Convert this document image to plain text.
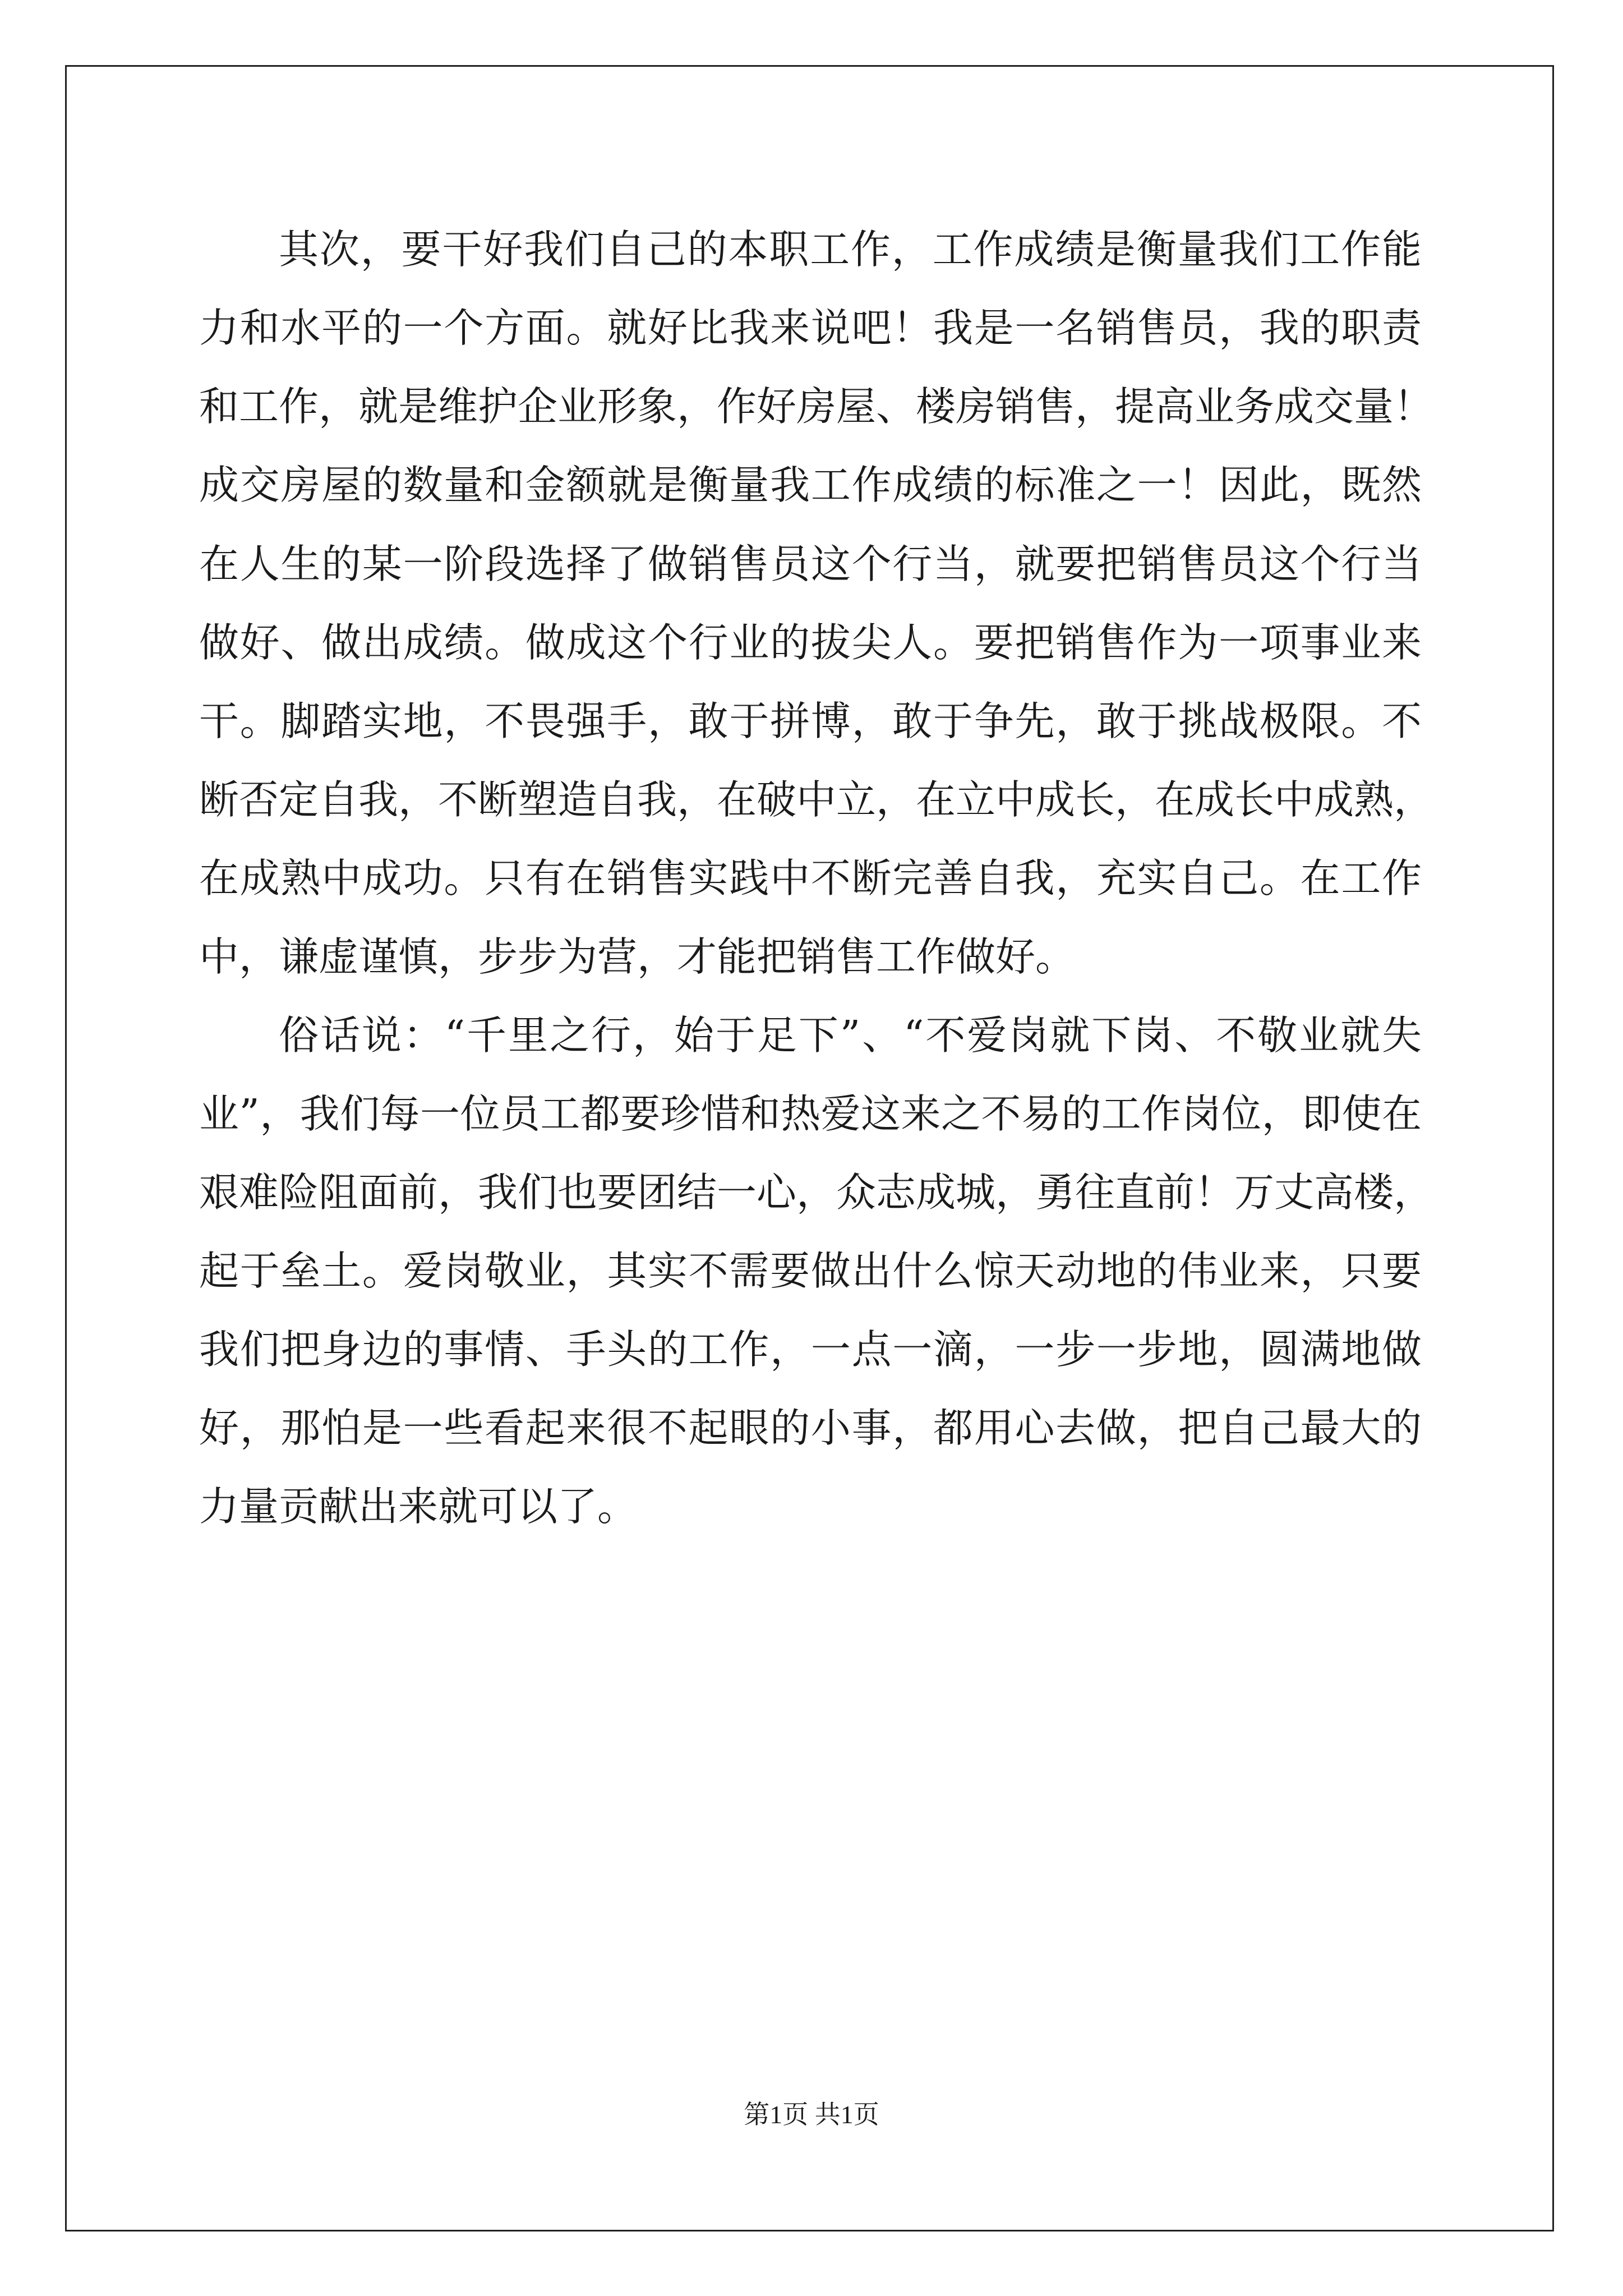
其次，要干好我们自己的本职工作，工作成绩是衡量我们工作能
力和水平的一个方面。就好比我来说吧！我是一名销售员，我的职责
和工作，就是维护企业形象，作好房屋、楼房销售，提高业务成交量！
成交房屋的数量和金额就是衡量我工作成绩的标准之一！因此，既然
在人生的某一阶段选择了做销售员这个行当，就要把销售员这个行当
做好、做出成绩。做成这个行业的拔尖人。要把销售作为一项事业来
干。脚踏实地，不畏强手，敢于拼博，敢于争先，敢于挑战极限。不
断否定自我，不断塑造自我，在破中立，在立中成长，在成长中成熟，
在成熟中成功。只有在销售实践中不断完善自我，充实自己。在工作
中，谦虚谨慎，步步为营，才能把销售工作做好。
俗话说：“千里之行，始于足下”、“不爱岗就下岗、不敬业就失
业”，我们每一位员工都要珍惜和热爱这来之不易的工作岗位，即使在
艰难险阻面前，我们也要团结一心，众志成城，勇往直前！万丈高楼，
起于垒土。爱岗敬业，其实不需要做出什么惊天动地的伟业来，只要
我们把身边的事情、手头的工作，一点一滴，一步一步地，圆满地做
好，那怕是一些看起来很不起眼的小事，都用心去做，把自己最大的
力量贡献出来就可以了。
第1页 共1页
